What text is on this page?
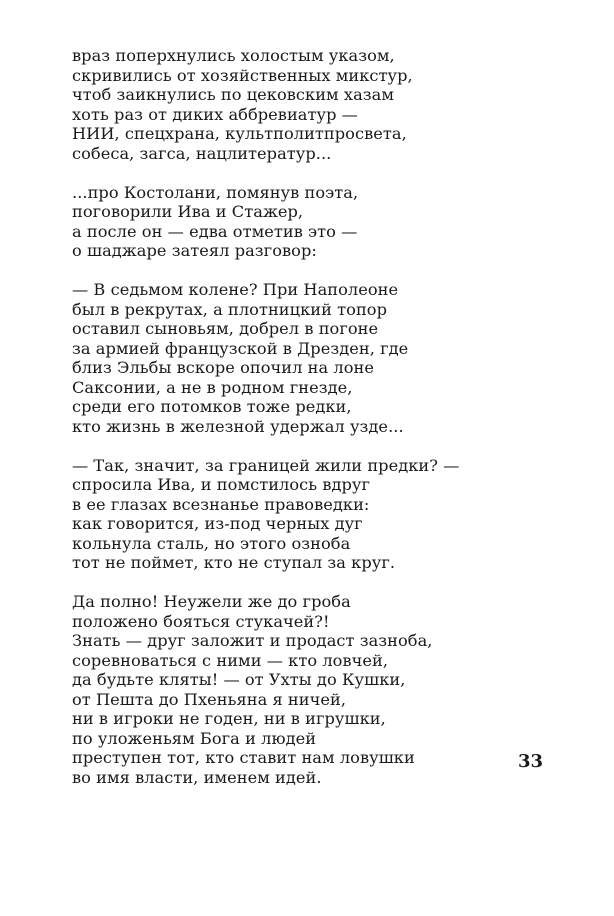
враз поперхнулись холостым указом,
скривились от хозяйственных микстур,
чтоб заикнулись по цековским хазам
хоть раз от диких аббревиатур —
НИИ, спецхрана, культполитпросвета,
собеса, загса, нацлитератур...
...про Костолани, помянув поэта,
поговорили Ива и Стажер,
а после он — едва отметив это —
о шаджаре затеял разговор:
— В седьмом колене? При Наполеоне
был в рекрутах, а плотницкий топор
оставил сыновьям, добрел в погоне
за армией французской в Дрезден, где
близ Эльбы вскоре опочил на лоне
Саксонии, а не в родном гнезде,
среди его потомков тоже редки,
кто жизнь в железной удержал узде...
— Так, значит, за границей жили предки? —
спросила Ива, и помстилось вдруг
в ее глазах всезнанье правоведки:
как говорится, из-под черных дуг
кольнула сталь, но этого озноба
тот не поймет, кто не ступал за круг.
Да полно! Неужели же до гроба
положено бояться стукачей?!
Знать — друг заложит и продаст зазноба,
соревноваться с ними — кто ловчей,
да будьте кляты! — от Ухты до Кушки,
от Пешта до Пхеньяна я ничей,
ни в игроки не годен, ни в игрушки,
по уложеньям Бога и людей
преступен тот, кто ставит нам ловушки
во имя власти, именем идей.
33
